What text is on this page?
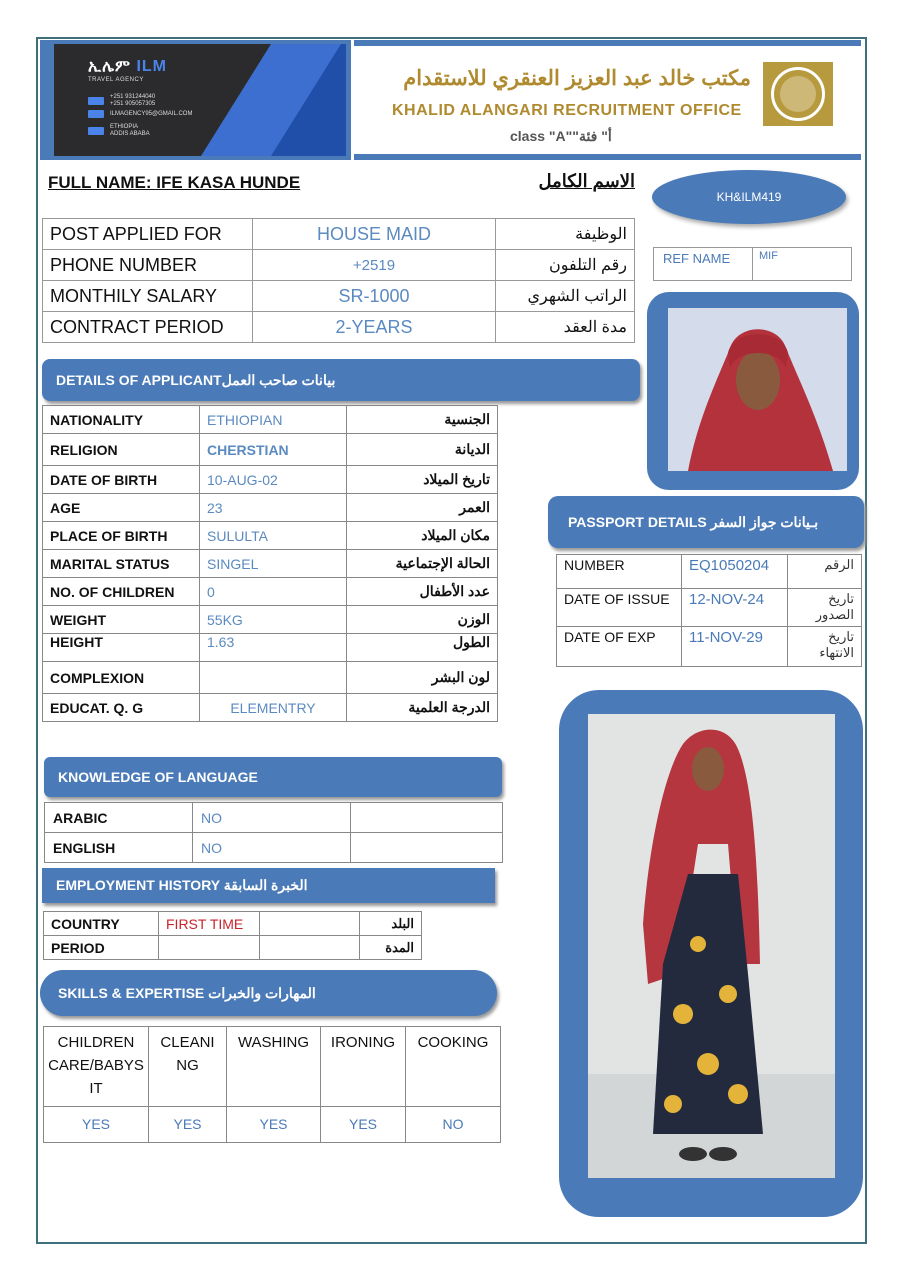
ኢሌም ILM
TRAVEL AGENCY
+251 931244040
+251 905057305
ILMAGENCY95@GMAIL.COM
ETHIOPIA
ADDIS ABABA
مكتب خالد عبد العزيز العنقري للاستقدام
KHALID ALANGARI RECRUITMENT OFFICE
class "A""أ" فئة
FULL NAME: IFE KASA HUNDE	الاسم الكامل
KH&ILM419
POST APPLIED FOR	HOUSE MAID	الوظيفة
PHONE NUMBER	+2519	رقم التلفون
MONTHILY SALARY	SR-1000	الراتب الشهري
CONTRACT PERIOD	2-YEARS	مدة العقد
REF NAME	MIF
DETAILS OF APPLICANTبيانات صاحب العمل
NATIONALITY	ETHIOPIAN	الجنسية
RELIGION	CHERSTIAN	الديانة
DATE OF BIRTH	10-AUG-02	تاريخ الميلاد
AGE	23	العمر
PLACE OF BIRTH	SULULTA	مكان الميلاد
MARITAL STATUS	SINGEL	الحالة الإجتماعية
NO. OF CHILDREN	0	عدد الأطفال
WEIGHT	55KG	الوزن
HEIGHT	1.63	الطول
COMPLEXION		لون البشر
EDUCAT. Q. G	ELEMENTRY	الدرجة العلمية
PASSPORT DETAILS بـيانات جواز السفر
NUMBER	EQ1050204	الرقم
DATE OF ISSUE	12-NOV-24	تاريخ الصدور
DATE OF EXP	11-NOV-29	تاريخ الانتهاء
KNOWLEDGE OF LANGUAGE
ARABIC	NO	
ENGLISH	NO	
EMPLOYMENT HISTORY الخبرة السابقة
COUNTRY	FIRST TIME		البلد
PERIOD			المدة
SKILLS & EXPERTISE المهارات والخبرات
CHILDREN CARE/BABYS IT	CLEANI NG	WASHING	IRONING	COOKING
YES	YES	YES	YES	NO
